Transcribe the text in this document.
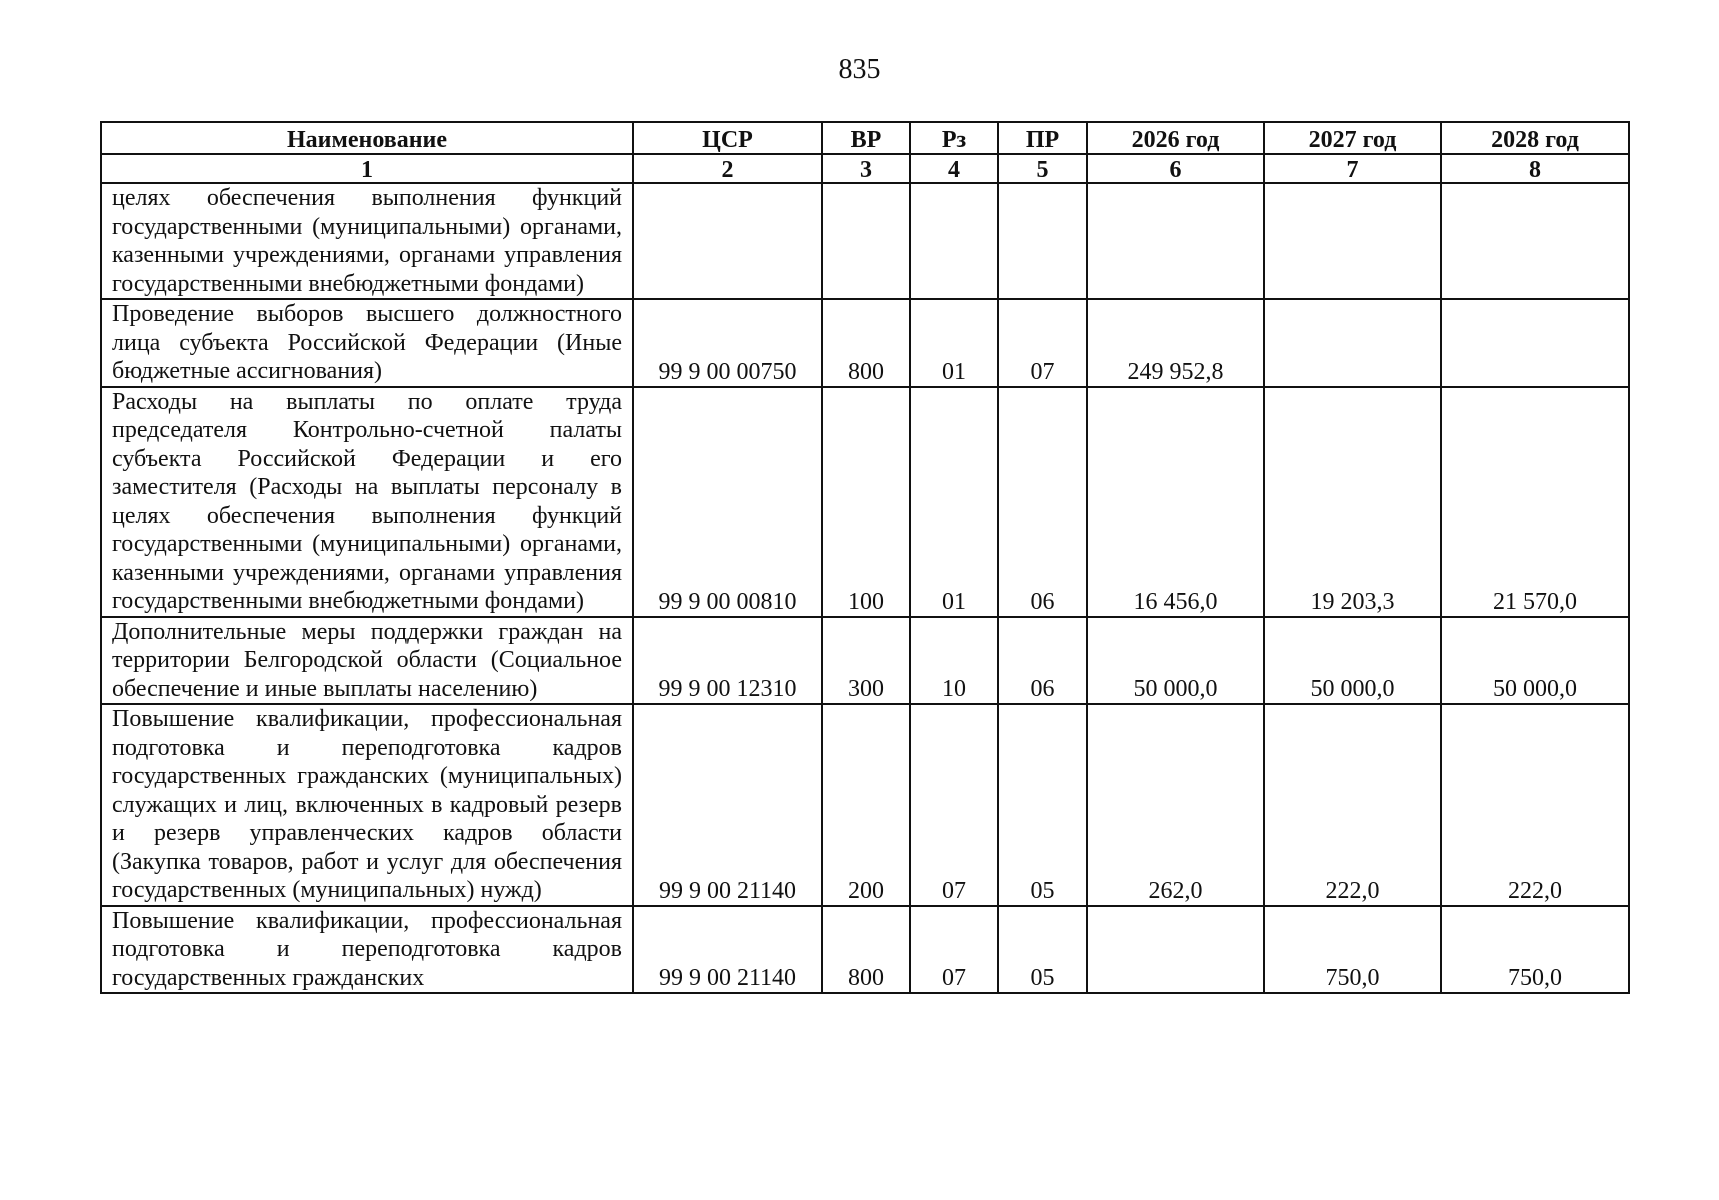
835
Наименование	ЦСР	ВР	Рз	ПР	2026 год	2027 год	2028 год
1	2	3	4	5	6	7	8
целях обеспечения выполнения функций государственными (муниципальными) органами, казенными учреждениями, органами управления государственными внебюджетными фондами)							
Проведение выборов высшего должностного лица субъекта Российской Федерации (Иные бюджетные ассигнования)	99 9 00 00750	800	01	07	249 952,8		
Расходы на выплаты по оплате труда председателя Контрольно-счетной палаты субъекта Российской Федерации и его заместителя (Расходы на выплаты персоналу в целях обеспечения выполнения функций государственными (муниципальными) органами, казенными учреждениями, органами управления государственными внебюджетными фондами)	99 9 00 00810	100	01	06	16 456,0	19 203,3	21 570,0
Дополнительные меры поддержки граждан на территории Белгородской области (Социальное обеспечение и иные выплаты населению)	99 9 00 12310	300	10	06	50 000,0	50 000,0	50 000,0
Повышение квалификации, профессиональная подготовка и переподготовка кадров государственных гражданских (муниципальных) служащих и лиц, включенных в кадровый резерв и резерв управленческих кадров области (Закупка товаров, работ и услуг для обеспечения государственных (муниципальных) нужд)	99 9 00 21140	200	07	05	262,0	222,0	222,0
Повышение квалификации, профессиональная подготовка и переподготовка кадров государственных гражданских	99 9 00 21140	800	07	05		750,0	750,0
